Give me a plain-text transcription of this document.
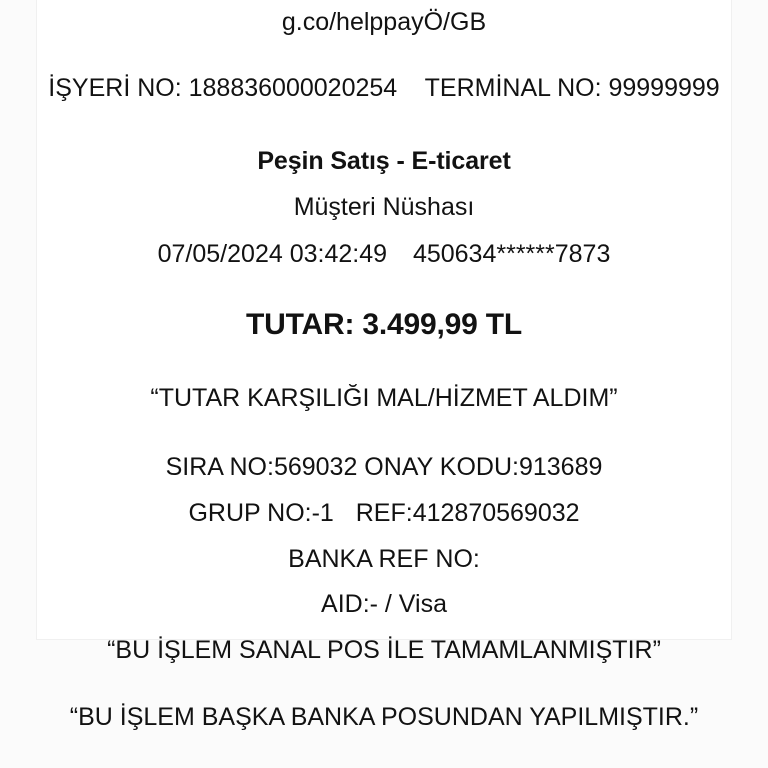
g.co/helppayÖ/GB
İŞYERİ NO: 188836000020254 TERMİNAL NO: 99999999
Peşin Satış - E-ticaret
Müşteri Nüshası
07/05/2024 03:42:49 450634******7873
TUTAR: 3.499,99 TL
“TUTAR KARŞILIĞI MAL/HİZMET ALDIM”
SIRA NO:569032 ONAY KODU:913689
GRUP NO:-1 REF:412870569032
BANKA REF NO:
AID:- / Visa
“BU İŞLEM SANAL POS İLE TAMAMLANMIŞTIR”
“BU İŞLEM BAŞKA BANKA POSUNDAN YAPILMIŞTIR.”
